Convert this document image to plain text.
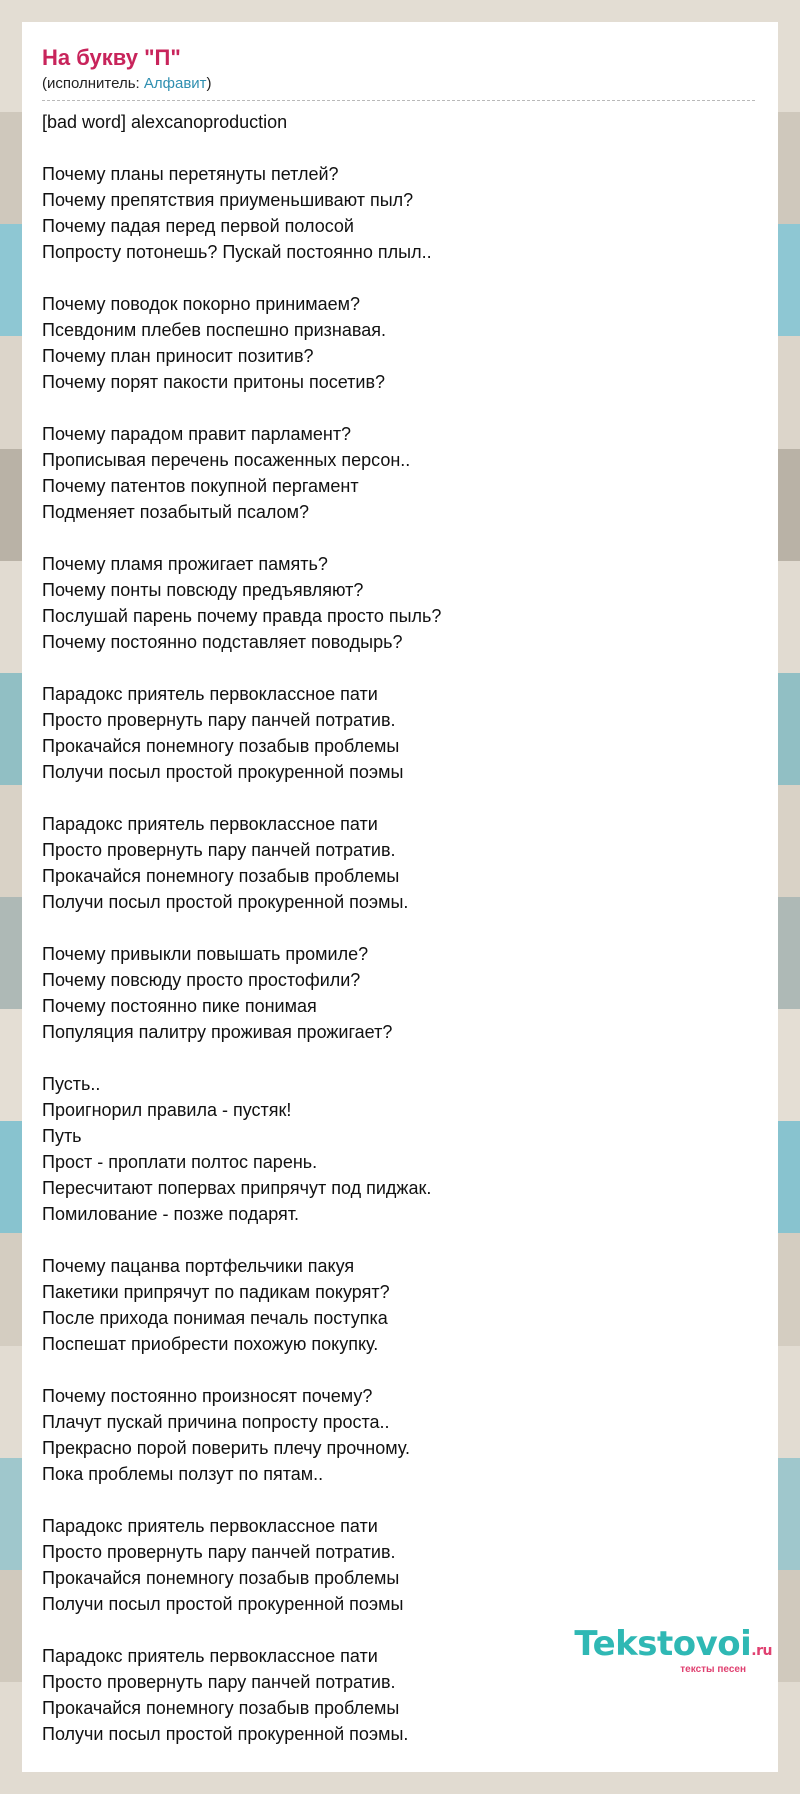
На букву "П"
(исполнитель: Алфавит)
[bad word] alexcanoproduction
Почему планы перетянуты петлей?
Почему препятствия приуменьшивают пыл?
Почему падая перед первой полосой
Попросту потонешь? Пускай постоянно плыл..
Почему поводок покорно принимаем?
Псевдоним плебев поспешно признавая.
Почему план приносит позитив?
Почему порят пакости притоны посетив?
Почему парадом правит парламент?
Прописывая перечень посаженных персон..
Почему патентов покупной пергамент
Подменяет позабытый псалом?
Почему пламя прожигает память?
Почему понты повсюду предъявляют?
Послушай парень почему правда просто пыль?
Почему постоянно подставляет поводырь?
Парадокс приятель первоклассное пати
Просто провернуть пару панчей потратив.
Прокачайся понемногу позабыв проблемы
Получи посыл простой прокуренной поэмы
Парадокс приятель первоклассное пати
Просто провернуть пару панчей потратив.
Прокачайся понемногу позабыв проблемы
Получи посыл простой прокуренной поэмы.
Почему привыкли повышать промиле?
Почему повсюду просто простофили?
Почему постоянно пике понимая
Популяция палитру проживая прожигает?
Пусть..
Проигнорил правила - пустяк!
Путь
Прост - проплати полтос парень.
Пересчитают поперваx припрячут под пиджак.
Помилование - позже подарят.
Почему пацанва портфельчики пакуя
Пакетики припрячут по падикам покурят?
После прихода понимая печаль поступка
Поспешат приобрести похожую покупку.
Почему постоянно произносят почему?
Плачут пускай причина попросту проста..
Прекрасно порой поверить плечу прочному.
Пока проблемы ползут по пятам..
Парадокс приятель первоклассное пати
Просто провернуть пару панчей потратив.
Прокачайся понемногу позабыв проблемы
Получи посыл простой прокуренной поэмы
Парадокс приятель первоклассное пати
Просто провернуть пару панчей потратив.
Прокачайся понемногу позабыв проблемы
Получи посыл простой прокуренной поэмы.
Tekstovoi.ru
тексты песен
